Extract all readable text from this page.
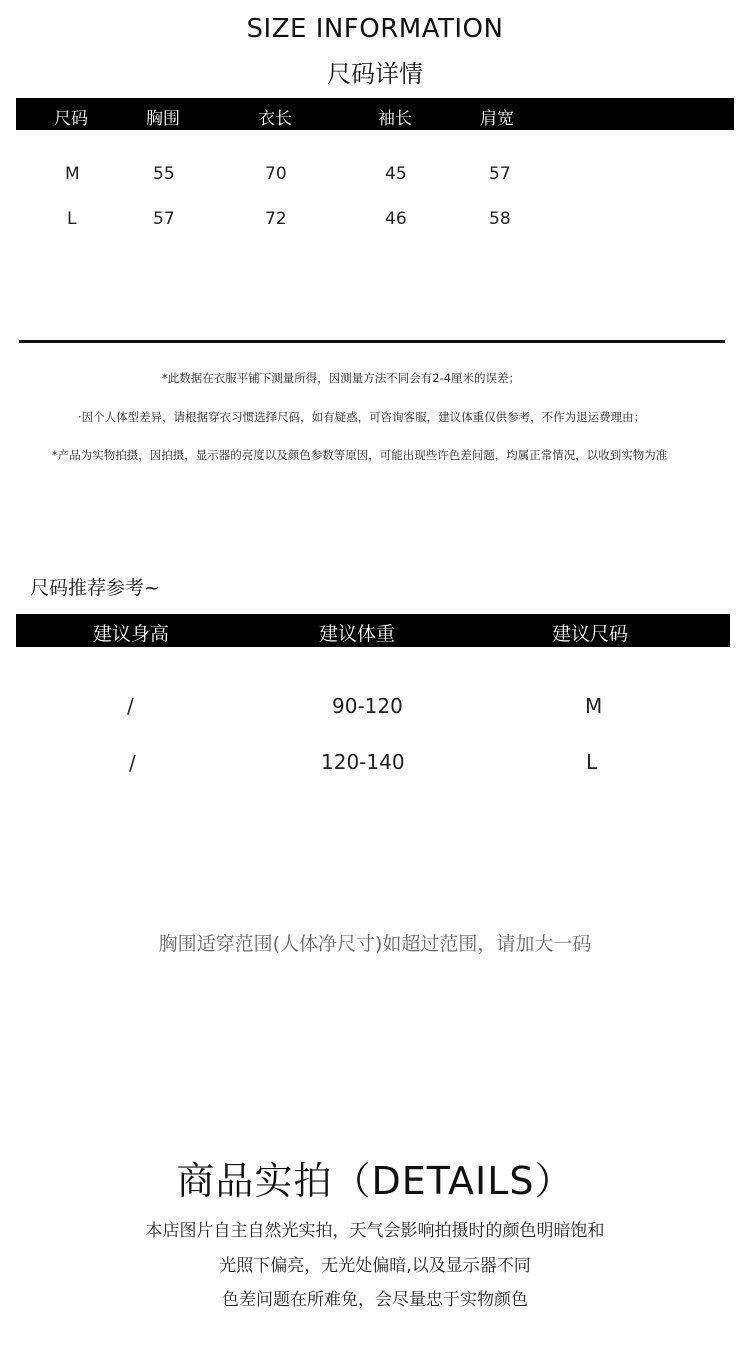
SIZE INFORMATION
尺码详情
尺码	胸围	衣长	袖长	肩宽
M	55	70	45	57
L	57	72	46	58
*此数据在衣服平铺下测量所得，因测量方法不同会有2-4厘米的误差；
·因个人体型差异，请根据穿衣习惯选择尺码，如有疑惑，可咨询客服，建议体重仅供参考，不作为退运费理由；
*产品为实物拍摄，因拍摄，显示器的亮度以及颜色参数等原因，可能出现些许色差问题，均属正常情况，以收到实物为准
尺码推荐参考~
建议身高	建议体重	建议尺码
/	90-120	M
/	120-140	L
胸围适穿范围(人体净尺寸)如超过范围，请加大一码
商品实拍（DETAILS）
本店图片自主自然光实拍，天气会影响拍摄时的颜色明暗饱和
光照下偏亮，无光处偏暗,以及显示器不同
色差问题在所难免，会尽量忠于实物颜色
